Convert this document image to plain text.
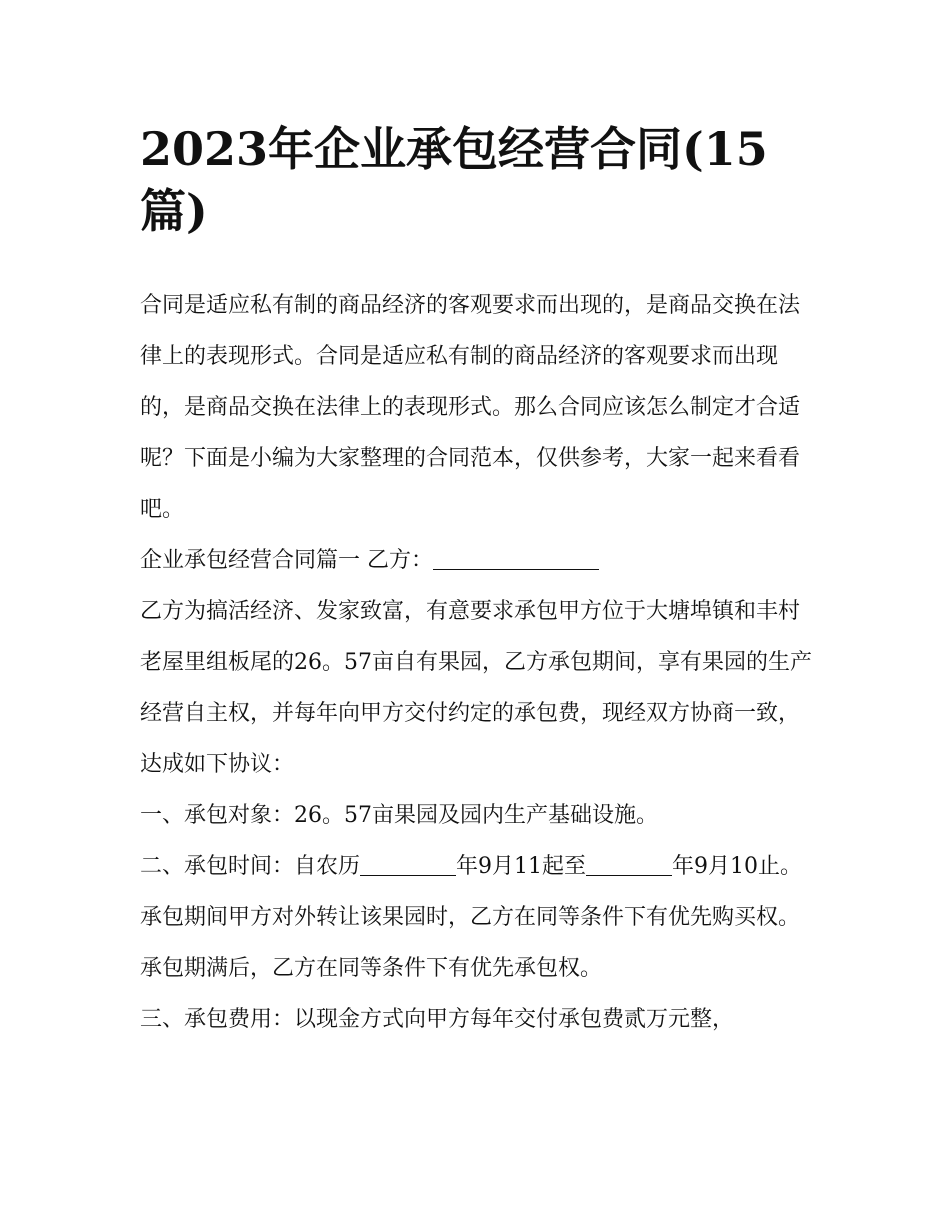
2023年企业承包经营合同(15篇)

合同是适应私有制的商品经济的客观要求而出现的，是商品交换在法律上的表现形式。合同是适应私有制的商品经济的客观要求而出现的，是商品交换在法律上的表现形式。那么合同应该怎么制定才合适呢？下面是小编为大家整理的合同范本，仅供参考，大家一起来看看吧。

企业承包经营合同篇一 乙方：

乙方为搞活经济、发家致富，有意要求承包甲方位于大塘埠镇和丰村老屋里组板尾的26。57亩自有果园，乙方承包期间，享有果园的生产经营自主权，并每年向甲方交付约定的承包费，现经双方协商一致，达成如下协议：

一、承包对象：26。57亩果园及园内生产基础设施。

二、承包时间：自农历	年9月11起至	年9月10止。承包期间甲方对外转让该果园时，乙方在同等条件下有优先购买权。承包期满后，乙方在同等条件下有优先承包权。

三、承包费用：以现金方式向甲方每年交付承包费贰万元整，
